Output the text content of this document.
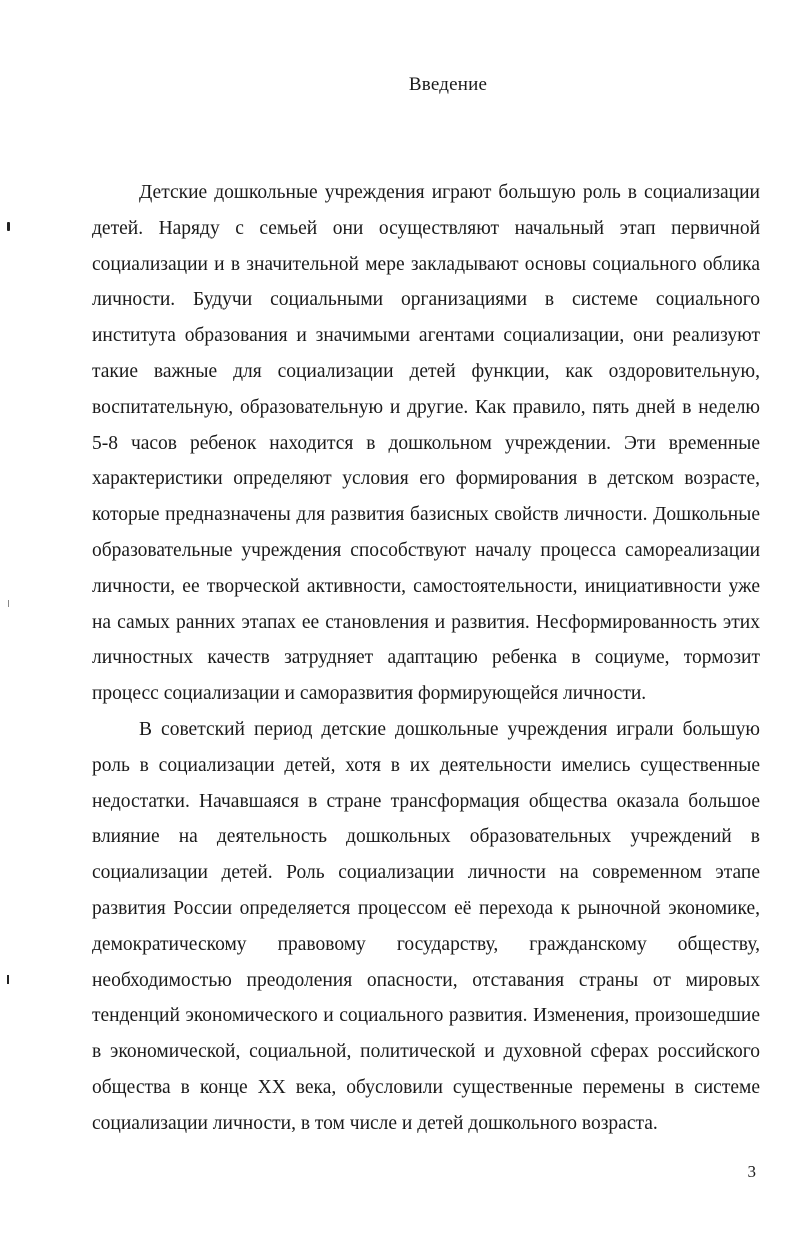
Введение

Детские дошкольные учреждения играют большую роль в социализации детей. Наряду с семьей они осуществляют начальный этап первичной социализации и в значительной мере закладывают основы социального облика личности. Будучи социальными организациями в системе социального института образования и значимыми агентами социализации, они реализуют такие важные для социализации детей функции, как оздоровительную, воспитательную, образовательную и другие. Как правило, пять дней в неделю 5-8 часов ребенок находится в дошкольном учреждении. Эти временные характеристики определяют условия его формирования в детском возрасте, которые предназначены для развития базисных свойств личности. Дошкольные образовательные учреждения способствуют началу процесса самореализации личности, ее творческой активности, самостоятельности, инициативности уже на самых ранних этапах ее становления и развития. Несформированность этих личностных качеств затрудняет адаптацию ребенка в социуме, тормозит процесс социализации и саморазвития формирующейся личности.

В советский период детские дошкольные учреждения играли большую роль в социализации детей, хотя в их деятельности имелись существенные недостатки. Начавшаяся в стране трансформация общества оказала большое влияние на деятельность дошкольных образовательных учреждений в социализации детей. Роль социализации личности на современном этапе развития России определяется процессом её перехода к рыночной экономике, демократическому правовому государству, гражданскому обществу, необходимостью преодоления опасности, отставания страны от мировых тенденций экономического и социального развития. Изменения, произошедшие в экономической, социальной, политической и духовной сферах российского общества в конце XX века, обусловили существенные перемены в системе социализации личности, в том числе и детей дошкольного возраста.

3
